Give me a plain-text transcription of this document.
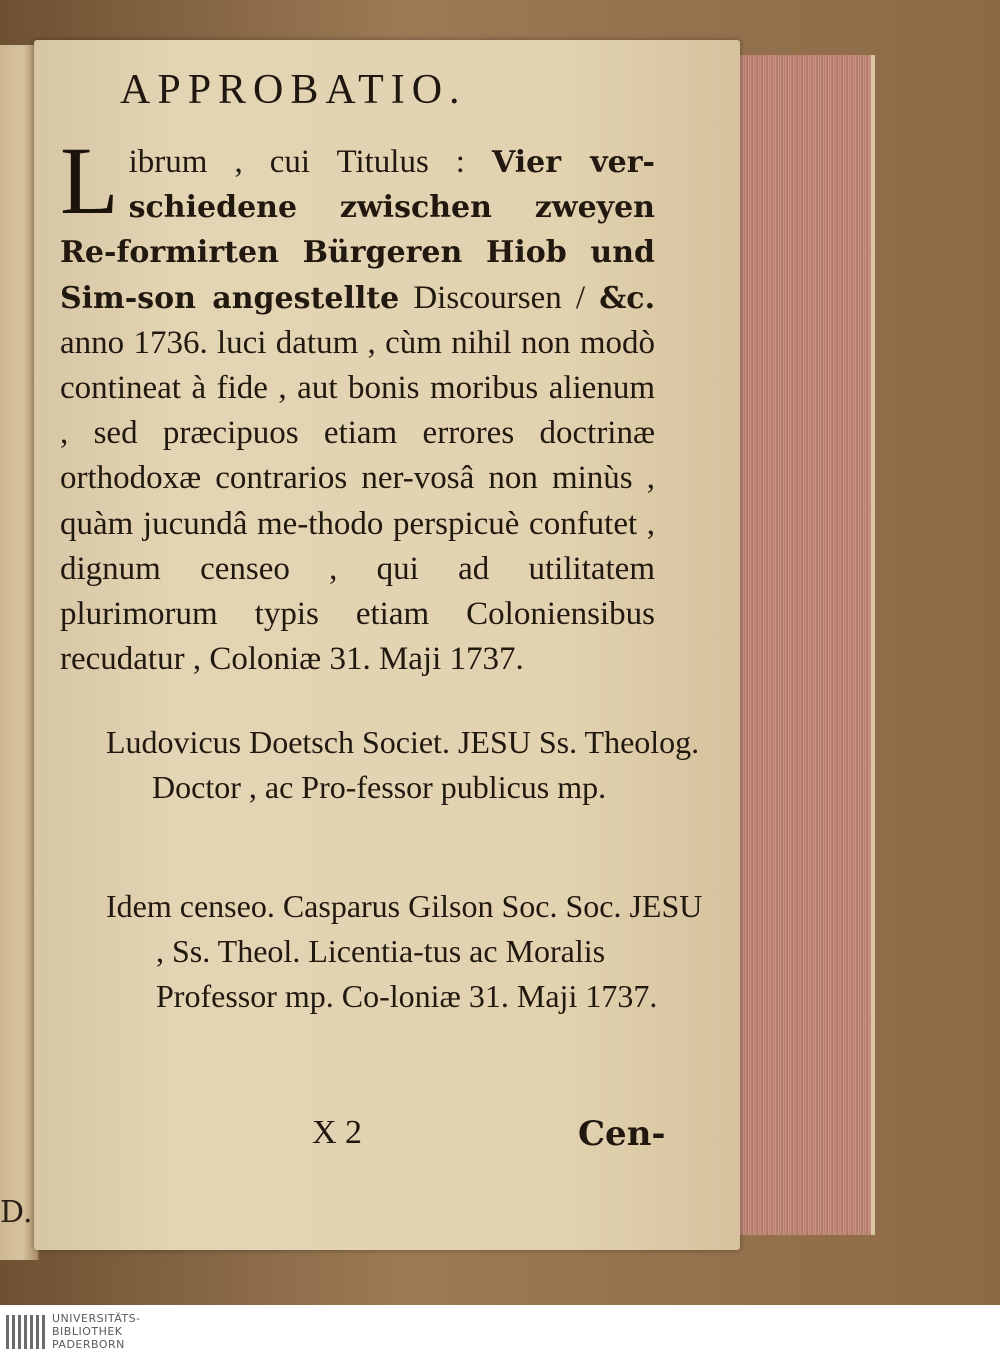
D.
APPROBATIO.
Librum , cui Titulus : Vier ver-schiedene zwischen zweyen Re-formirten Bürgeren Hiob und Sim-son angestellte Discoursen / &c. anno 1736. luci datum , cùm nihil non modò contineat à fide , aut bonis moribus alienum , sed præcipuos etiam errores doctrinæ orthodoxæ contrarios ner-vosâ non minùs , quàm jucundâ me-thodo perspicuè confutet , dignum censeo , qui ad utilitatem plurimorum typis etiam Coloniensibus recudatur , Coloniæ 31. Maji 1737.
Ludovicus Doetsch Societ. JESU Ss. Theolog. Doctor , ac Pro-fessor publicus mp.
Idem censeo. Casparus Gilson Soc. Soc. JESU , Ss. Theol. Licentia-tus ac Moralis Professor mp. Co-loniæ 31. Maji 1737.
X 2	Cen-
UNIVERSITÄTS-
BIBLIOTHEK
PADERBORN
